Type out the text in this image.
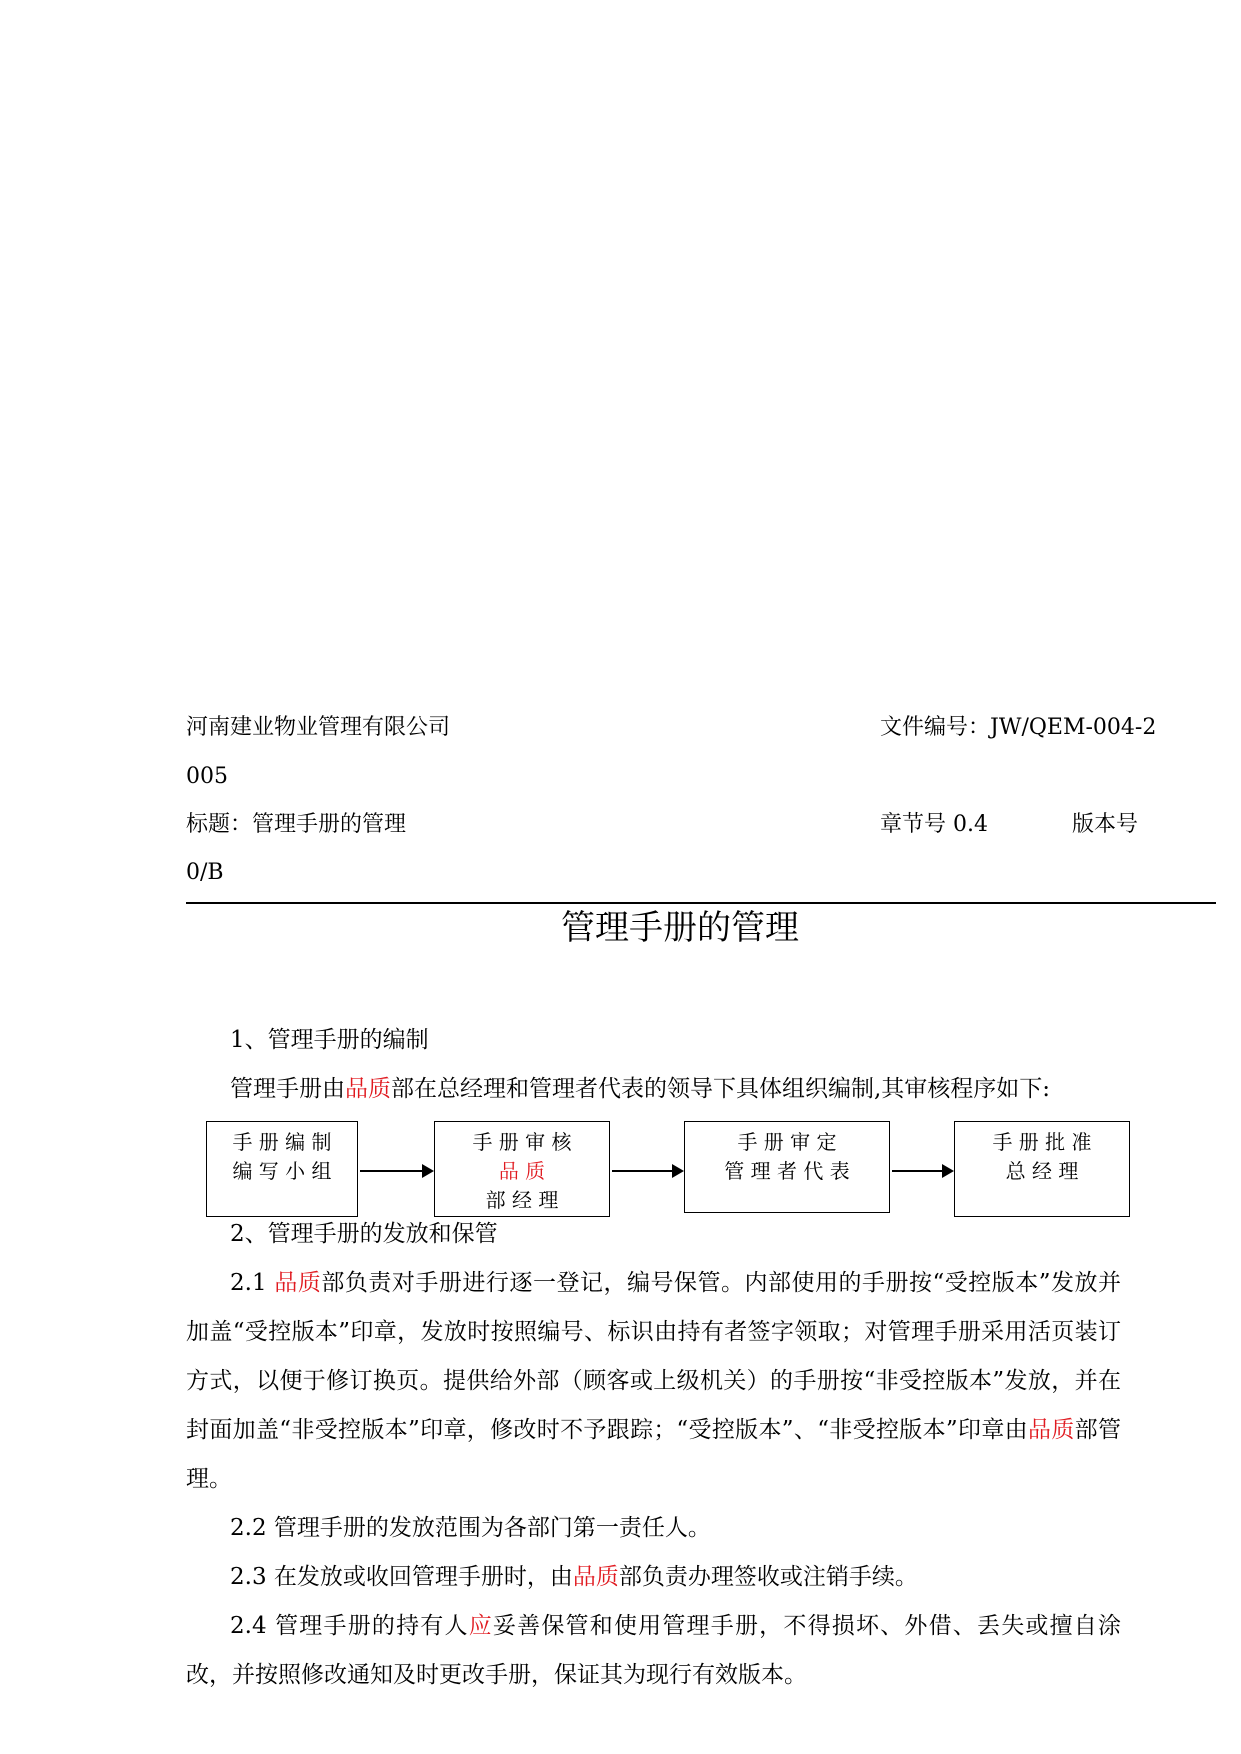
河南建业物业管理有限公司	文件编号：JW/QEM-004-2
005
标题：管理手册的管理	章节号 0.4	版本号
0/B
管理手册的管理

1、管理手册的编制

管理手册由品质部在总经理和管理者代表的领导下具体组织编制,其审核程序如下:

手 册 编 制
编 写 小 组
手 册 审 核
品 质
部 经 理
手 册 审 定
管 理 者 代 表
手 册 批 准
总 经 理

2、管理手册的发放和保管

2.1 品质部负责对手册进行逐一登记，编号保管。内部使用的手册按“受控版本”发放并加盖“受控版本”印章，发放时按照编号、标识由持有者签字领取；对管理手册采用活页装订方式，以便于修订换页。提供给外部（顾客或上级机关）的手册按“非受控版本”发放，并在封面加盖“非受控版本”印章，修改时不予跟踪；“受控版本”、“非受控版本”印章由品质部管理。

2.2 管理手册的发放范围为各部门第一责任人。

2.3 在发放或收回管理手册时，由品质部负责办理签收或注销手续。

2.4 管理手册的持有人应妥善保管和使用管理手册，不得损坏、外借、丢失或擅自涂改，并按照修改通知及时更改手册，保证其为现行有效版本。
